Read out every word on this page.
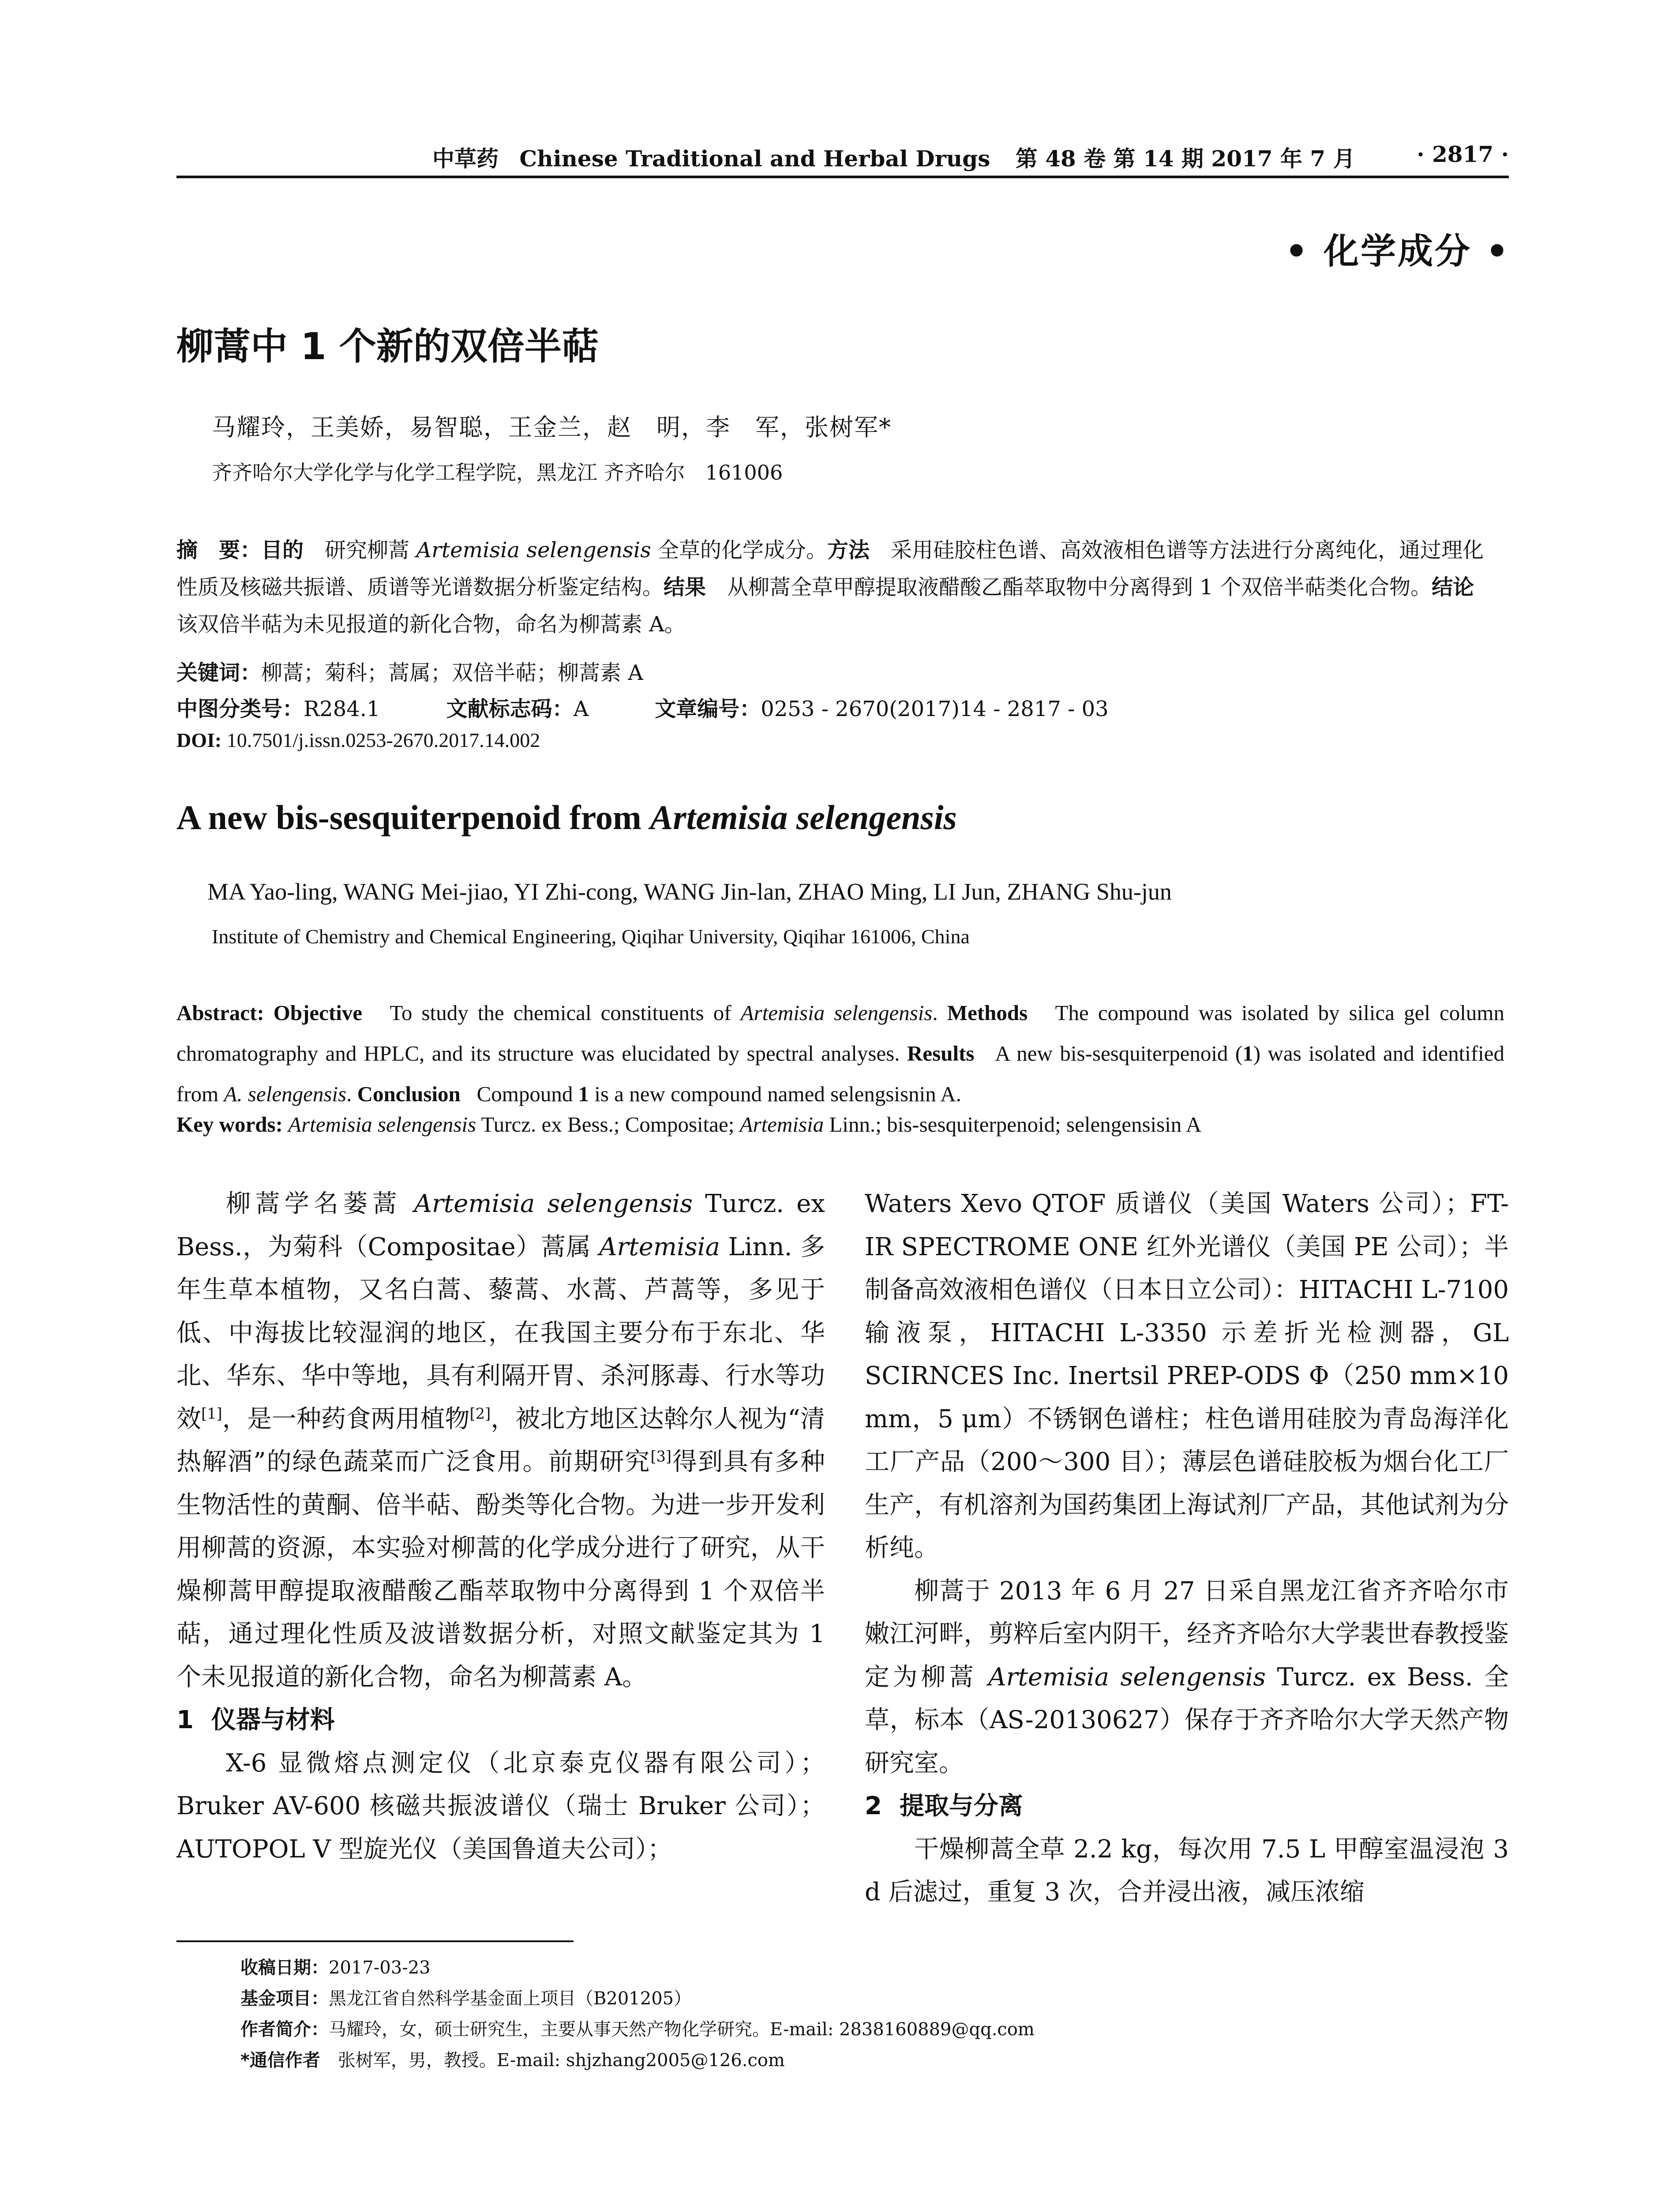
中草药 Chinese Traditional and Herbal Drugs 第 48 卷 第 14 期 2017 年 7 月	· 2817 ·
• 化学成分 •
柳蒿中 1 个新的双倍半萜
马耀玲，王美娇，易智聪，王金兰，赵　明，李　军，张树军*
齐齐哈尔大学化学与化学工程学院，黑龙江 齐齐哈尔　161006
摘　要：目的　 研究柳蒿 Artemisia selengensis 全草的化学成分。方法　 采用硅胶柱色谱、高效液相色谱等方法进行分离纯化，通过理化性质及核磁共振谱、质谱等光谱数据分析鉴定结构。结果　 从柳蒿全草甲醇提取液醋酸乙酯萃取物中分离得到 1 个双倍半萜类化合物。结论　该双倍半萜为未见报道的新化合物，命名为柳蒿素 A。
关键词：柳蒿；菊科；蒿属；双倍半萜；柳蒿素 A
中图分类号：R284.1	文献标志码：A	文章编号：0253 - 2670(2017)14 - 2817 - 03
DOI: 10.7501/j.issn.0253-2670.2017.14.002
A new bis-sesquiterpenoid from Artemisia selengensis
MA Yao-ling, WANG Mei-jiao, YI Zhi-cong, WANG Jin-lan, ZHAO Ming, LI Jun, ZHANG Shu-jun
Institute of Chemistry and Chemical Engineering, Qiqihar University, Qiqihar 161006, China
Abstract: Objective To study the chemical constituents of Artemisia selengensis. Methods The compound was isolated by silica gel column chromatography and HPLC, and its structure was elucidated by spectral analyses. Results A new bis-sesquiterpenoid (1) was isolated and identified from A. selengensis. Conclusion Compound 1 is a new compound named selengsisnin A.
Key words: Artemisia selengensis Turcz. ex Bess.; Compositae; Artemisia Linn.; bis-sesquiterpenoid; selengensisin A

柳蒿学名蒌蒿 Artemisia selengensis Turcz. ex Bess.，为菊科（Compositae）蒿属 Artemisia Linn. 多年生草本植物，又名白蒿、藜蒿、水蒿、芦蒿等，多见于低、中海拔比较湿润的地区，在我国主要分布于东北、华北、华东、华中等地，具有利隔开胃、杀河豚毒、行水等功效[1]，是一种药食两用植物[2]，被北方地区达斡尔人视为“清热解酒”的绿色蔬菜而广泛食用。前期研究[3]得到具有多种生物活性的黄酮、倍半萜、酚类等化合物。为进一步开发利用柳蒿的资源，本实验对柳蒿的化学成分进行了研究，从干燥柳蒿甲醇提取液醋酸乙酯萃取物中分离得到 1 个双倍半萜，通过理化性质及波谱数据分析，对照文献鉴定其为 1 个未见报道的新化合物，命名为柳蒿素 A。

1 仪器与材料

X-6 显微熔点测定仪（北京泰克仪器有限公司）；Bruker AV-600 核磁共振波谱仪（瑞士 Bruker 公司）；AUTOPOL V 型旋光仪（美国鲁道夫公司）；

Waters Xevo QTOF 质谱仪（美国 Waters 公司）；FT-IR SPECTROME ONE 红外光谱仪（美国 PE 公司）；半制备高效液相色谱仪（日本日立公司）：HITACHI L-7100 输液泵，HITACHI L-3350 示差折光检测器，GL SCIRNCES Inc. Inertsil PREP-ODS Φ（250 mm×10 mm，5 μm）不锈钢色谱柱；柱色谱用硅胶为青岛海洋化工厂产品（200～300 目）；薄层色谱硅胶板为烟台化工厂生产，有机溶剂为国药集团上海试剂厂产品，其他试剂为分析纯。

柳蒿于 2013 年 6 月 27 日采自黑龙江省齐齐哈尔市嫩江河畔，剪粹后室内阴干，经齐齐哈尔大学裴世春教授鉴定为柳蒿 Artemisia selengensis Turcz. ex Bess. 全草，标本（AS-20130627）保存于齐齐哈尔大学天然产物研究室。

2 提取与分离

干燥柳蒿全草 2.2 kg，每次用 7.5 L 甲醇室温浸泡 3 d 后滤过，重复 3 次，合并浸出液，减压浓缩

收稿日期：2017-03-23
基金项目：黑龙江省自然科学基金面上项目（B201205）
作者简介：马耀玲，女，硕士研究生，主要从事天然产物化学研究。E-mail: 2838160889@qq.com
*通信作者　张树军，男，教授。E-mail: shjzhang2005@126.com
